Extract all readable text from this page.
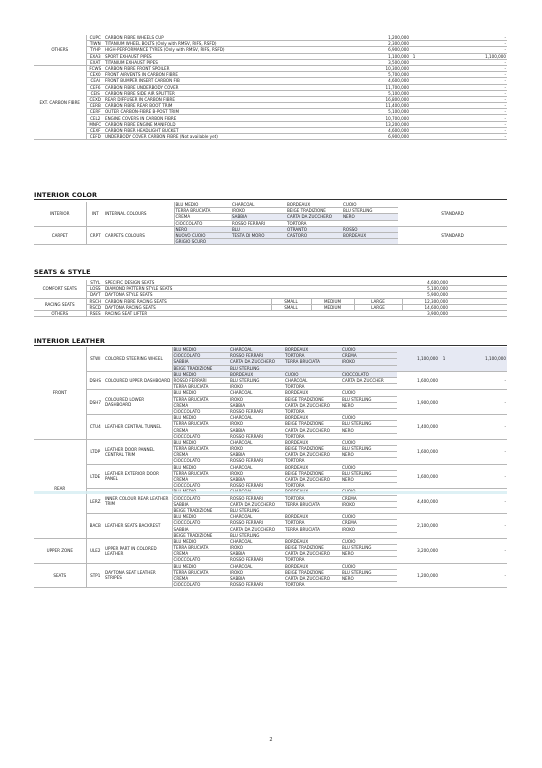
OTHERS	CUPC	CARBON FIBRE WHEELS CUP	1,200,000			-
	TIWN	TITANIUM WHEEL BOLTS (Only with RMSV, RIFS, RSFD)	2,300,000			-
	TYHP	HIGH-PERFORMANCE TYRES (Only with RMSV, RIFS, RSFD)	6,900,000			-
	EXA3	SPORT EXHAUST PIPES	1,100,000	1		1,100,000
	EXAT	TITANIUM EXHAUST PIPES	3,500,000			-
EXT. CARBON FIBRE	FCWS	CARBON FIBRE FRONT SPOILER	10,300,000			-
	CEX0	FRONT AIRVENTS IN CARBON FIBRE	5,700,000			-
	CEAI	FRONT BUMPER INSERT CARBON FIB	4,600,000			-
	CEF6	CARBON FIBRE UNDERBODY COVER	11,700,000			-
	CEIS	CARBON FIBRE SIDE AIR SPLITTER	5,100,000			-
	CEXD	REAR DIFFUSER IN CARBON FIBRE	16,800,000			-
	CERB	CARBON FIBRE REAR BOOT TRIM	11,400,000			-
	CERF	OUTER CARBON-FIBRE B-POST TRIM	5,100,000			-
	CEL2	ENGINE COVERS IN CARBON FIBRE	10,700,000			-
	MNFC	CARBON FIBRE ENGINE MANIFOLD	13,200,000			-
	CEXF	CARBON FIBER HEADLIGHT BUCKET	4,600,000			-
	CEFD	UNDERBODY COVER CARBON FIBRE (Not available yet)	6,900,000			-
INTERIOR COLOR
INTERIOR	INT	INTERNAL COLOURS	BLU MEDIO	CHARCOAL	BORDEAUX	CUOIO	STANDARD
			TERRA BRUCIATA	IROKO	BEIGE TRADIZIONE	BLU STERLING	
			CREMA	SABBIA	CARTA DA ZUCCHERO	NERO	
			CIOCCOLATO	ROSSO FERRARI	TORTORA		
CARPET	CRPT	CARPETS COLOURS	NERO	BLU	OTRANTO	ROSSO	STANDARD
			NUOVO CUOIO	TESTA DI MORO	CASTORO	BORDEAUX	
			GRIGIO SCURO				
SEATS & STYLE
COMFORT SEATS	STYL	SPECIFIC DESIGN SEATS				4,600,000		
	LOSS	DIAMOND PATTERN STYLE SEATS				5,100,000		
	DAYT	DAYTONA STYLE SEATS				5,900,000		
RACING SEATS	RSCH	CARBON FIBRE RACING SEATS	SMALL	MEDIUM	LARGE	12,300,000		
	RSCD	DAYTONA RACING SEATS	SMALL	MEDIUM	LARGE	14,600,000		
OTHERS	RSES	RACING SEAT LIFTER				3,900,000		
INTERIOR LEATHER
FRONT	STWI	COLORED STEERING WHEEL	BLU MEDIO	CHARCOAL	BORDEAUX	CUOIO	1,100,000	1	1,100,000
			CIOCCOLATO	ROSSO FERRARI	TORTORA	CREMA			
			SABBIA	CARTA DA ZUCCHERO	TERRA BRUCIATA	IROKO			
			BEIGE TRADIZIONE	BLU STERLING					
	DSHS	COLOURED UPPER DASHBOARD	BLU MEDIO	BORDEAUX	CUOIO	CIOCCOLATO	1,600,000		-
			ROSSO FERRARI	BLU STERLING	CHARCOAL	CARTA DA ZUCCHER			
			TERRA BRUCIATA	IROKO	TORTORA				
	DSH7	COLOURED LOWER DASHBOARD	BLU MEDIO	CHARCOAL	BORDEAUX	CUOIO	1,900,000		-
			TERRA BRUCIATA	IROKO	BEIGE TRADIZIONE	BLU STERLING			
			CREMA	SABBIA	CARTA DA ZUCCHERO	NERO			
			CIOCCOLATO	ROSSO FERRARI	TORTORA				
	CTU4	LEATHER CENTRAL TUNNEL	BLU MEDIO	CHARCOAL	BORDEAUX	CUOIO	1,400,000		-
			TERRA BRUCIATA	IROKO	BEIGE TRADIZIONE	BLU STERLING			
			CREMA	SABBIA	CARTA DA ZUCCHERO	NERO			
			CIOCCOLATO	ROSSO FERRARI	TORTORA				
REAR	LTDP	LEATHER DOOR PANNEL CENTRAL TRIM	BLU MEDIO	CHARCOAL	BORDEAUX	CUOIO	1,600,000		-
			TERRA BRUCIATA	IROKO	BEIGE TRADIZIONE	BLU STERLING			
			CREMA	SABBIA	CARTA DA ZUCCHERO	NERO			
			CIOCCOLATO	ROSSO FERRARI	TORTORA				
	LTDE	LEATHER EXTERIOR DOOR PANEL	BLU MEDIO	CHARCOAL	BORDEAUX	CUOIO	1,600,000		-
			TERRA BRUCIATA	IROKO	BEIGE TRADIZIONE	BLU STERLING			
			CREMA	SABBIA	CARTA DA ZUCCHERO	NERO			
			CIOCCOLATO	ROSSO FERRARI	TORTORA				
	LERZ	INNER COLOUR REAR LEATHER TRIM					4,400,000		-
			CIOCCOLATO	ROSSO FERRARI	TORTORA	CREMA			
			SABBIA	CARTA DA ZUCCHERO	TERRA BRUCIATA	IROKO			
			BEIGE TRADIZIONE	BLU STERLING					
	BACB	LEATHER SEATS BACKREST	BLU MEDIO	CHARCOAL	BORDEAUX	CUOIO	2,100,000		-
			CIOCCOLATO	ROSSO FERRARI	TORTORA	CREMA			
			SABBIA	CARTA DA ZUCCHERO	TERRA BRUCIATA	IROKO			
			BEIGE TRADIZIONE	BLU STERLING					
UPPER ZONE	ULE2	UPPER PART IN COLORED LEATHER	BLU MEDIO	CHARCOAL	BORDEAUX	CUOIO	3,200,000		-
			TERRA BRUCIATA	IROKO	BEIGE TRADIZIONE	BLU STERLING			
			CREMA	SABBIA	CARTA DA ZUCCHERO	NERO			
			CIOCCOLATO	ROSSO FERRARI	TORTORA				
SEATS	STP1	DAYTONA SEAT LEATHER STRIPES	BLU MEDIO	CHARCOAL	BORDEAUX	CUOIO	1,200,000		-
			TERRA BRUCIATA	IROKO	BEIGE TRADIZIONE	BLU STERLING			
			CREMA	SABBIA	CARTA DA ZUCCHERO	NERO			
			CIOCCOLATO	ROSSO FERRARI	TORTORA				
2
